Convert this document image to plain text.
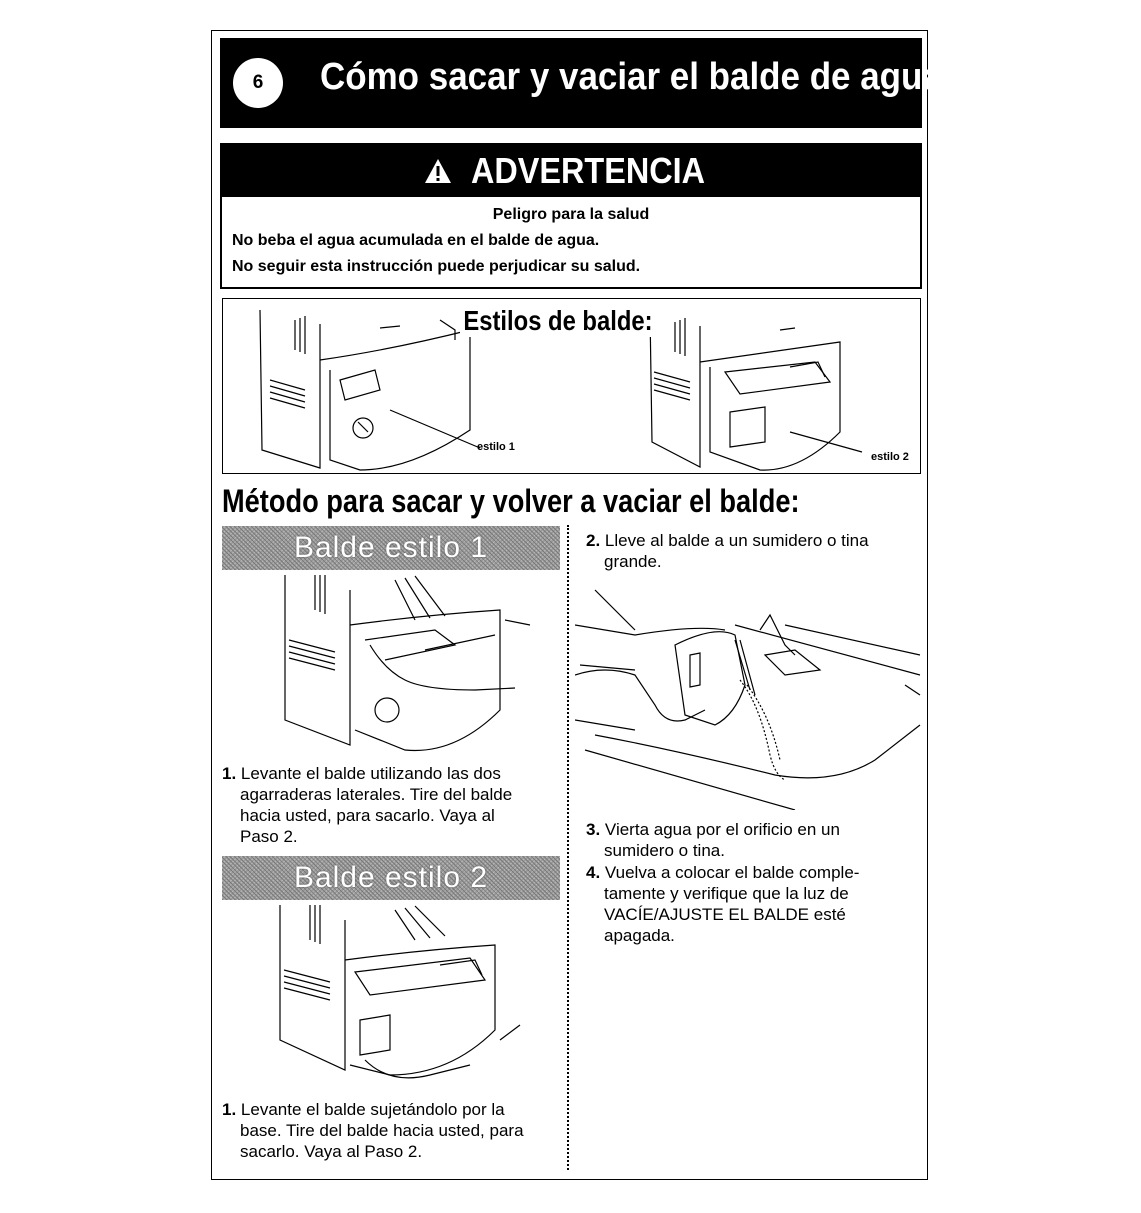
6	Cómo sacar y vaciar el balde de agua
ADVERTENCIA
Peligro para la salud
No beba el agua acumulada en el balde de agua.
No seguir esta instrucción puede perjudicar su salud.
estilo 1
estilo 2
Estilos de balde:
Método para sacar y volver a vaciar el balde:
Balde estilo 1
1. Levante el balde utilizando las dos
agarraderas laterales. Tire del balde
hacia usted, para sacarlo. Vaya al
Paso 2.
Balde estilo 2
1. Levante el balde sujetándolo por la
base. Tire del balde hacia usted, para
sacarlo. Vaya al Paso 2.
2. Lleve al balde a un sumidero o tina
grande.
3. Vierta agua por el orificio en un
sumidero o tina.
4. Vuelva a colocar el balde comple-
tamente y verifique que la luz de
VACÍE/AJUSTE EL BALDE esté
apagada.
